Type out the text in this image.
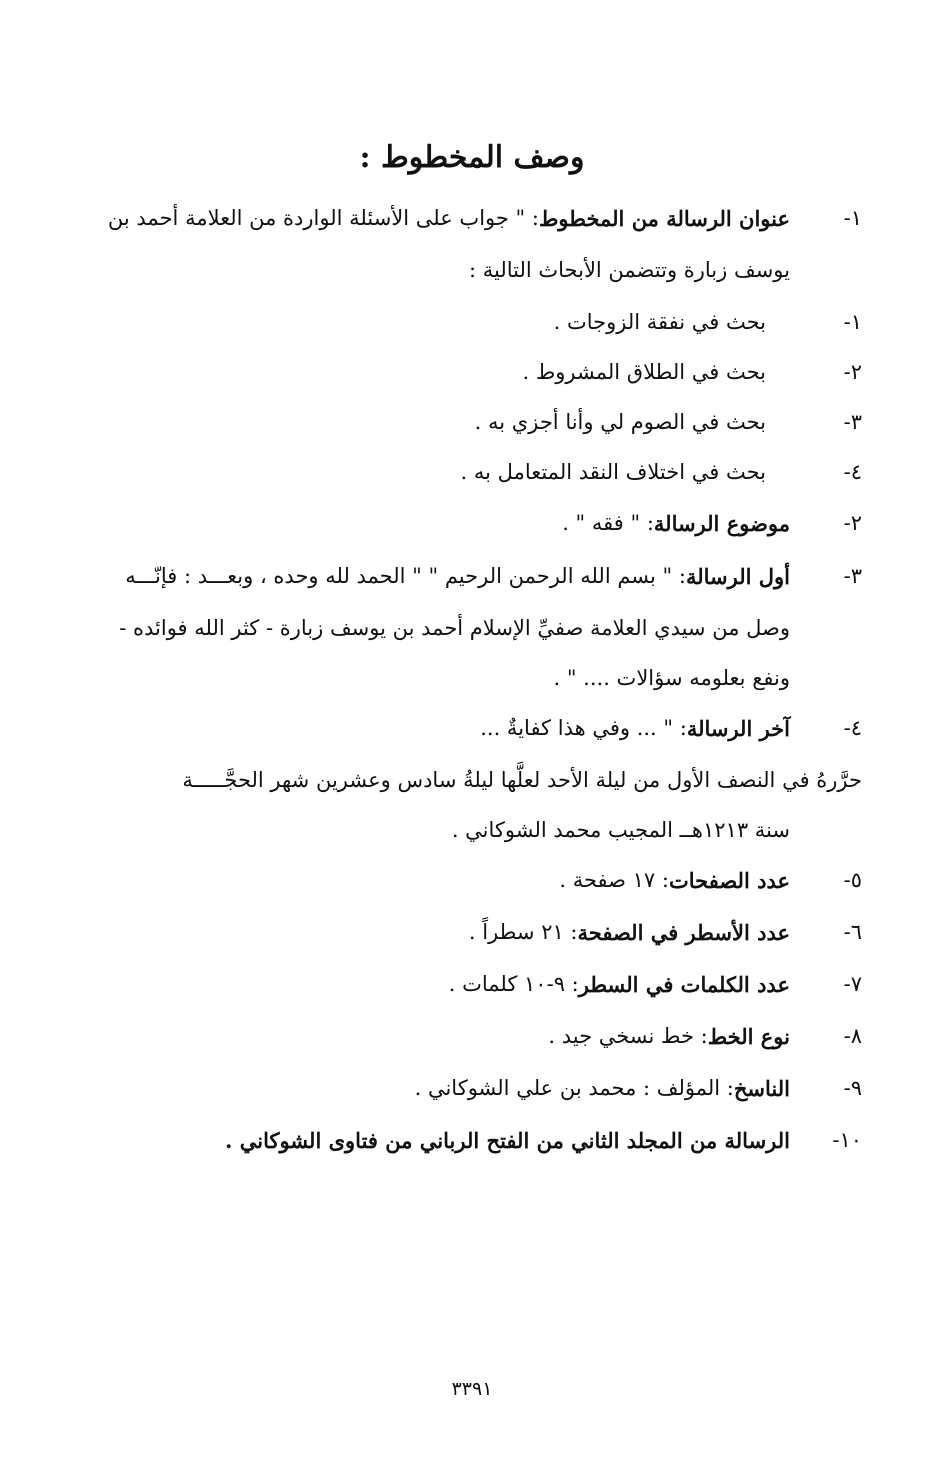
وصف المخطوط :
١-
عنوان الرسالة من المخطوط
: " جواب على الأسئلة الواردة من العلامة أحمد بن
يوسف زبارة وتتضمن الأبحاث التالية :
١-
بحث في نفقة الزوجات .
٢-
بحث في الطلاق المشروط .
٣-
بحث في الصوم لي وأنا أجزي به .
٤-
بحث في اختلاف النقد المتعامل به .
٢-
موضوع الرسالة
: " فقه " .
٣-
أول الرسالة
: " بسم الله الرحمن الرحيم " " الحمد لله وحده ، وبعـــد : فإنّـــه
وصل من سيدي العلامة صفيِّ الإسلام أحمد بن يوسف زبارة - كثر الله فوائده -
ونفع بعلومه سؤالات .... " .
٤-
آخر الرسالة
: " ... وفي هذا كفايةٌ ...
حرَّرهُ في النصف الأول من ليلة الأحد لعلَّها ليلةُ سادس وعشرين شهر الحجَّـــــة
سنة ١٢١٣هــ المجيب محمد الشوكاني .
٥-
عدد الصفحات
: ١٧ صفحة .
٦-
عدد الأسطر في الصفحة
: ٢١ سطراً .
٧-
عدد الكلمات في السطر
: ٩-١٠ كلمات .
٨-
نوع الخط
: خط نسخي جيد .
٩-
الناسخ
: المؤلف : محمد بن علي الشوكاني .
١٠-
الرسالة من المجلد الثاني من الفتح الرباني من فتاوى الشوكاني .
٣٣٩١
